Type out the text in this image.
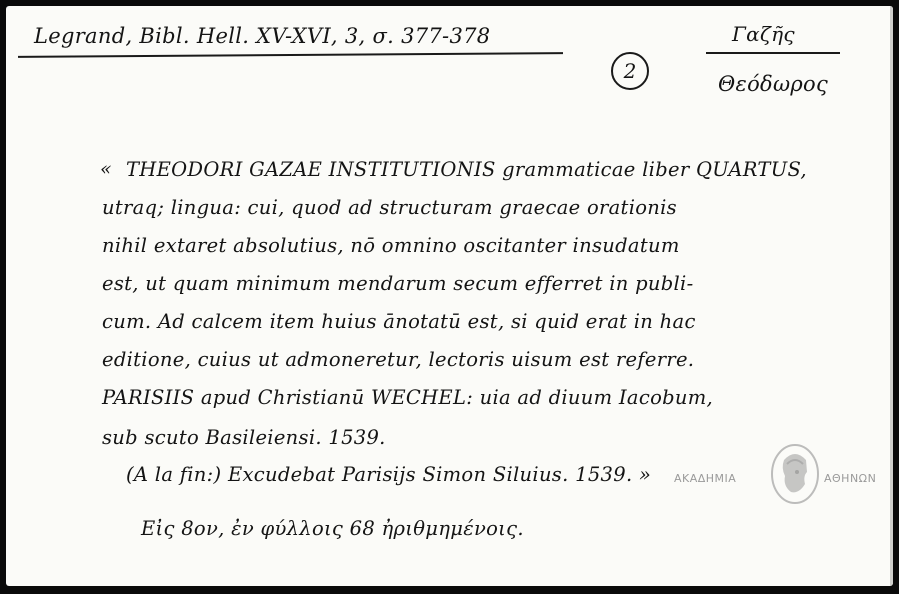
Legrand, Bibl. Hell. XV-XVI, 3, σ. 377-378
2
Γαζῆς
Θεόδωρος
« THEODORI GAZAE INSTITUTIONIS grammaticae liber QUARTUS,
utraq; lingua: cui, quod ad structuram graecae orationis
nihil extaret absolutius, nō omnino oscitanter insudatum
est, ut quam minimum mendarum secum efferret in publi-
cum. Ad calcem item huius ānotatū est, si quid erat in hac
editione, cuius ut admoneretur, lectoris uisum est referre.
PARISIIS apud Christianū WECHEL: uia ad diuum Iacobum,
sub scuto Basileiensi. 1539.
(A la fin:) Excudebat Parisijs Simon Siluius. 1539. »
Εἰς 8ον, ἐν φύλλοις 68 ἠριθμημένοις.
ΑΚΑΔΗΜΙΑ	ΑΘΗΝΩΝ
